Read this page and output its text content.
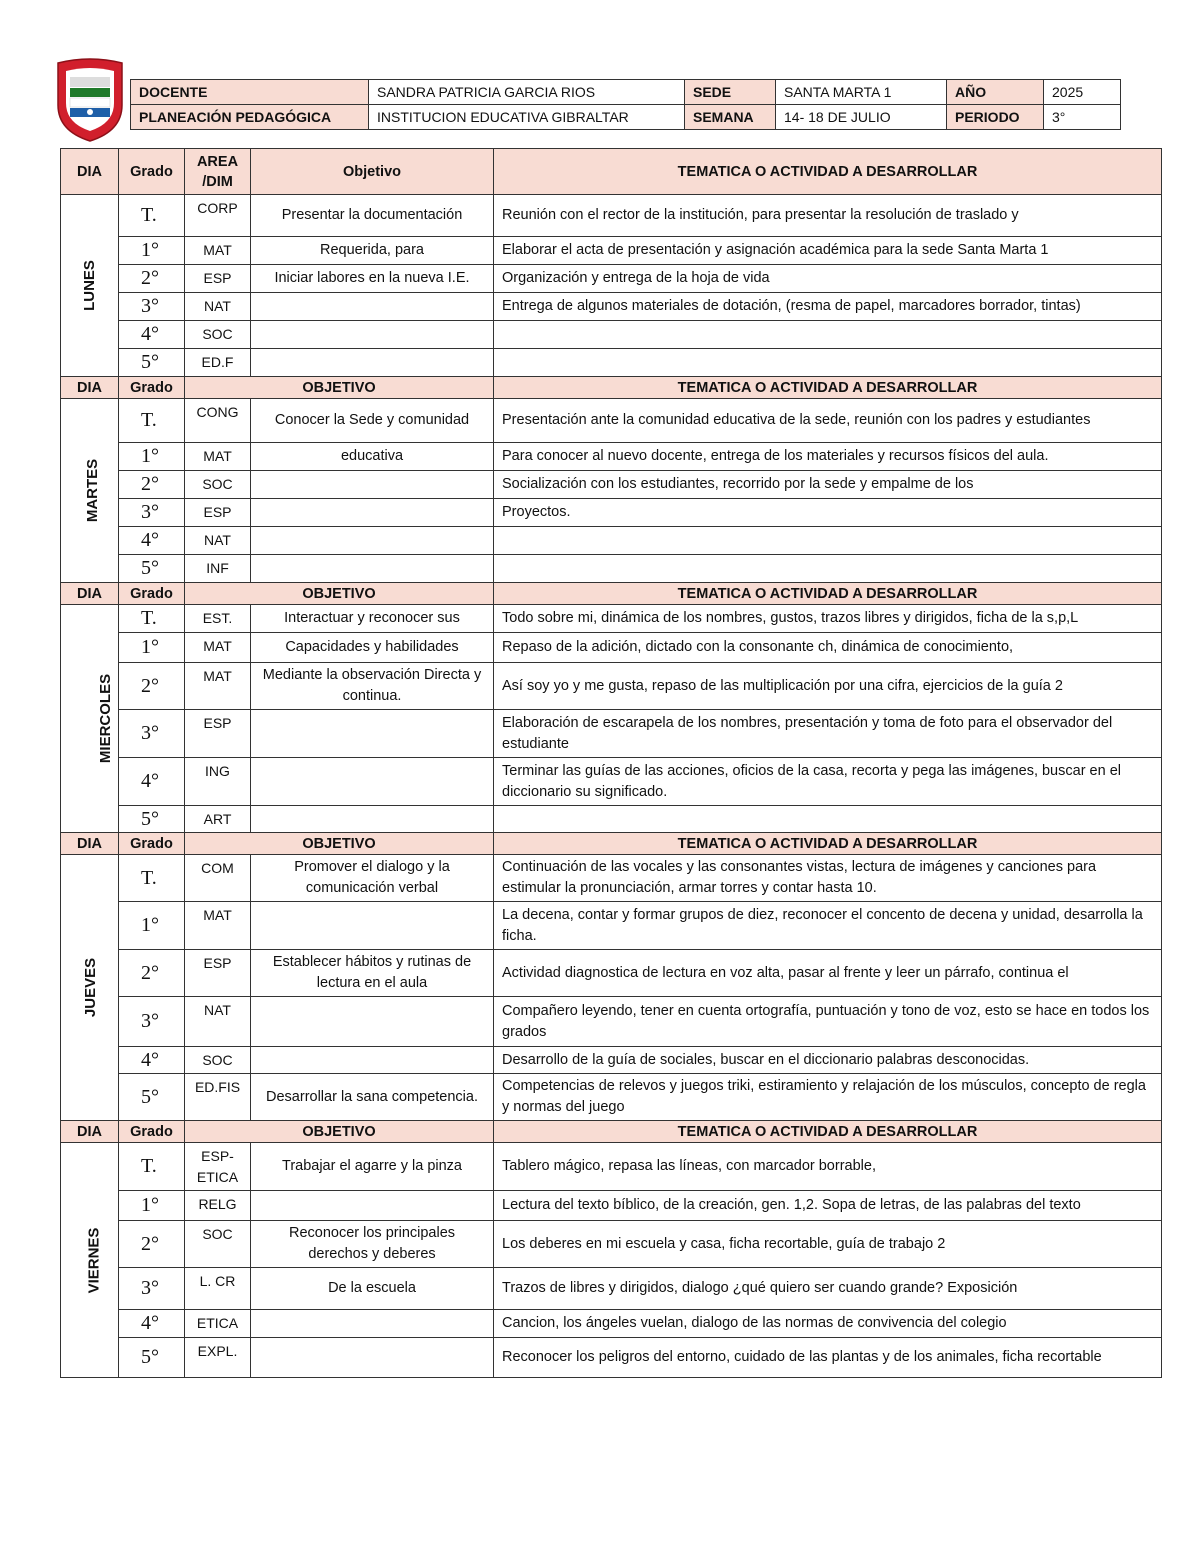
DOCENTE	SANDRA PATRICIA GARCIA RIOS	SEDE	SANTA MARTA 1	AÑO	2025
PLANEACIÓN PEDAGÓGICA	INSTITUCION EDUCATIVA GIBRALTAR	SEMANA	14- 18 DE JULIO	PERIODO	3°
DIA	Grado	AREA /DIM	Objetivo	TEMATICA O ACTIVIDAD A DESARROLLAR
LUNES	T.	CORP	Presentar la documentación	Reunión con el rector de la institución, para presentar la resolución de traslado y
	1°	MAT	Requerida, para	Elaborar el acta de presentación y asignación académica para la sede Santa Marta 1
	2°	ESP	Iniciar labores en la nueva I.E.	Organización y entrega de la hoja de vida
	3°	NAT		Entrega de algunos materiales de dotación, (resma de papel, marcadores borrador, tintas)
	4°	SOC		
	5°	ED.F		
DIA	Grado	OBJETIVO		TEMATICA O ACTIVIDAD A DESARROLLAR
MARTES	T.	CONG	Conocer la Sede y comunidad	Presentación ante la comunidad educativa de la sede, reunión con los padres y estudiantes
	1°	MAT	educativa	Para conocer al nuevo docente, entrega de los materiales y recursos físicos del aula.
	2°	SOC		Socialización con los estudiantes, recorrido por la sede y empalme de los
	3°	ESP		Proyectos.
	4°	NAT		
	5°	INF		
DIA	Grado	OBJETIVO		TEMATICA O ACTIVIDAD A DESARROLLAR
MIERCOLES	T.	EST.	Interactuar y reconocer sus	Todo sobre mi, dinámica de los nombres, gustos, trazos libres y dirigidos, ficha de la s,p,L
	1°	MAT	Capacidades y habilidades	Repaso de la adición, dictado con la consonante ch, dinámica de conocimiento,
	2°	MAT	Mediante la observación Directa y continua.	Así soy yo y me gusta, repaso de las multiplicación por una cifra, ejercicios de la guía 2
	3°	ESP		Elaboración de escarapela de los nombres, presentación y toma de foto para el observador del estudiante
	4°	ING		Terminar las guías de las acciones, oficios de la casa, recorta y pega las imágenes, buscar en el diccionario su significado.
	5°	ART		
DIA	Grado	OBJETIVO		TEMATICA O ACTIVIDAD A DESARROLLAR
JUEVES	T.	COM	Promover el dialogo y la comunicación verbal	Continuación de las vocales y las consonantes vistas, lectura de imágenes y canciones para estimular la pronunciación, armar torres y contar hasta 10.
	1°	MAT		La decena, contar y formar grupos de diez, reconocer el concento de decena y unidad, desarrolla la ficha.
	2°	ESP	Establecer hábitos y rutinas de lectura en el aula	Actividad diagnostica de lectura en voz alta, pasar al frente y leer un párrafo, continua el
	3°	NAT		Compañero leyendo, tener en cuenta ortografía, puntuación y tono de voz, esto se hace en todos los grados
	4°	SOC		Desarrollo de la guía de sociales, buscar en el diccionario palabras desconocidas.
	5°	ED.FIS	Desarrollar la sana competencia.	Competencias de relevos y juegos triki, estiramiento y relajación de los músculos, concepto de regla y normas del juego
DIA	Grado	OBJETIVO		TEMATICA O ACTIVIDAD A DESARROLLAR
VIERNES	T.	ESP- ETICA	Trabajar el agarre y la pinza	Tablero mágico, repasa las líneas, con marcador borrable,
	1°	RELG		Lectura del texto bíblico, de la creación, gen. 1,2. Sopa de letras, de las palabras del texto
	2°	SOC	Reconocer los principales derechos y deberes	Los deberes en mi escuela y casa, ficha recortable, guía de trabajo 2
	3°	L. CR	De la escuela	Trazos de libres y dirigidos, dialogo ¿qué quiero ser cuando grande? Exposición
	4°	ETICA		Cancion, los ángeles vuelan, dialogo de las normas de convivencia del colegio
	5°	EXPL.		Reconocer los peligros del entorno, cuidado de las plantas y de los animales, ficha recortable
